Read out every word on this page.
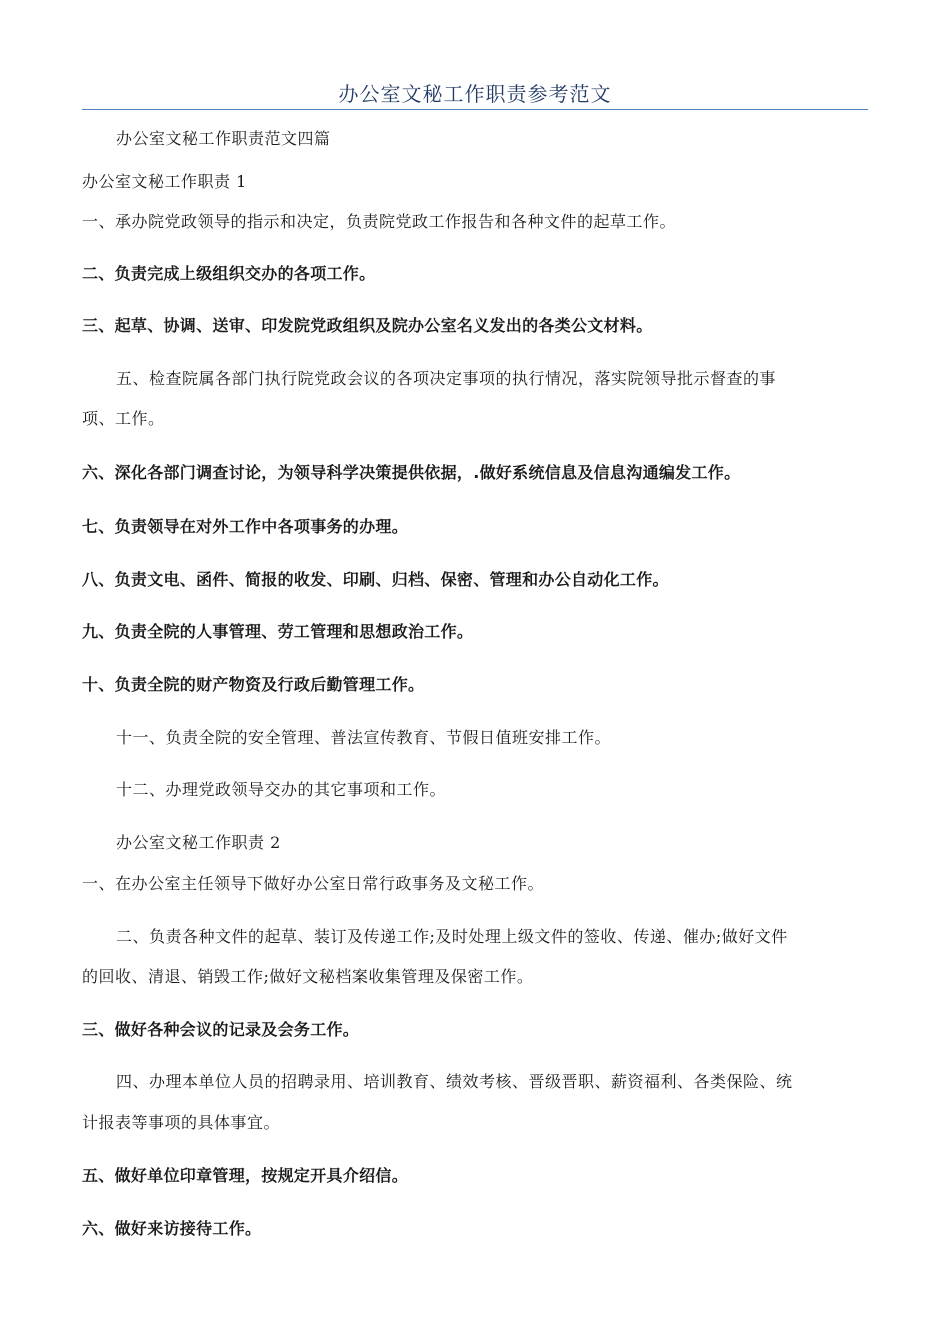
办公室文秘工作职责参考范文
办公室文秘工作职责范文四篇
办公室文秘工作职责 1
一、承办院党政领导的指示和决定，负责院党政工作报告和各种文件的起草工作。
二、负责完成上级组织交办的各项工作。
三、起草、协调、送审、印发院党政组织及院办公室名义发出的各类公文材料。
五、检查院属各部门执行院党政会议的各项决定事项的执行情况，落实院领导批示督查的事
项、工作。
六、深化各部门调查讨论，为领导科学决策提供依据，.做好系统信息及信息沟通编发工作。
七、负责领导在对外工作中各项事务的办理。
八、负责文电、函件、简报的收发、印刷、归档、保密、管理和办公自动化工作。
九、负责全院的人事管理、劳工管理和思想政治工作。
十、负责全院的财产物资及行政后勤管理工作。
十一、负责全院的安全管理、普法宣传教育、节假日值班安排工作。
十二、办理党政领导交办的其它事项和工作。
办公室文秘工作职责 2
一、在办公室主任领导下做好办公室日常行政事务及文秘工作。
二、负责各种文件的起草、装订及传递工作;及时处理上级文件的签收、传递、催办;做好文件
的回收、清退、销毁工作;做好文秘档案收集管理及保密工作。
三、做好各种会议的记录及会务工作。
四、办理本单位人员的招聘录用、培训教育、绩效考核、晋级晋职、薪资福利、各类保险、统
计报表等事项的具体事宜。
五、做好单位印章管理，按规定开具介绍信。
六、做好来访接待工作。
